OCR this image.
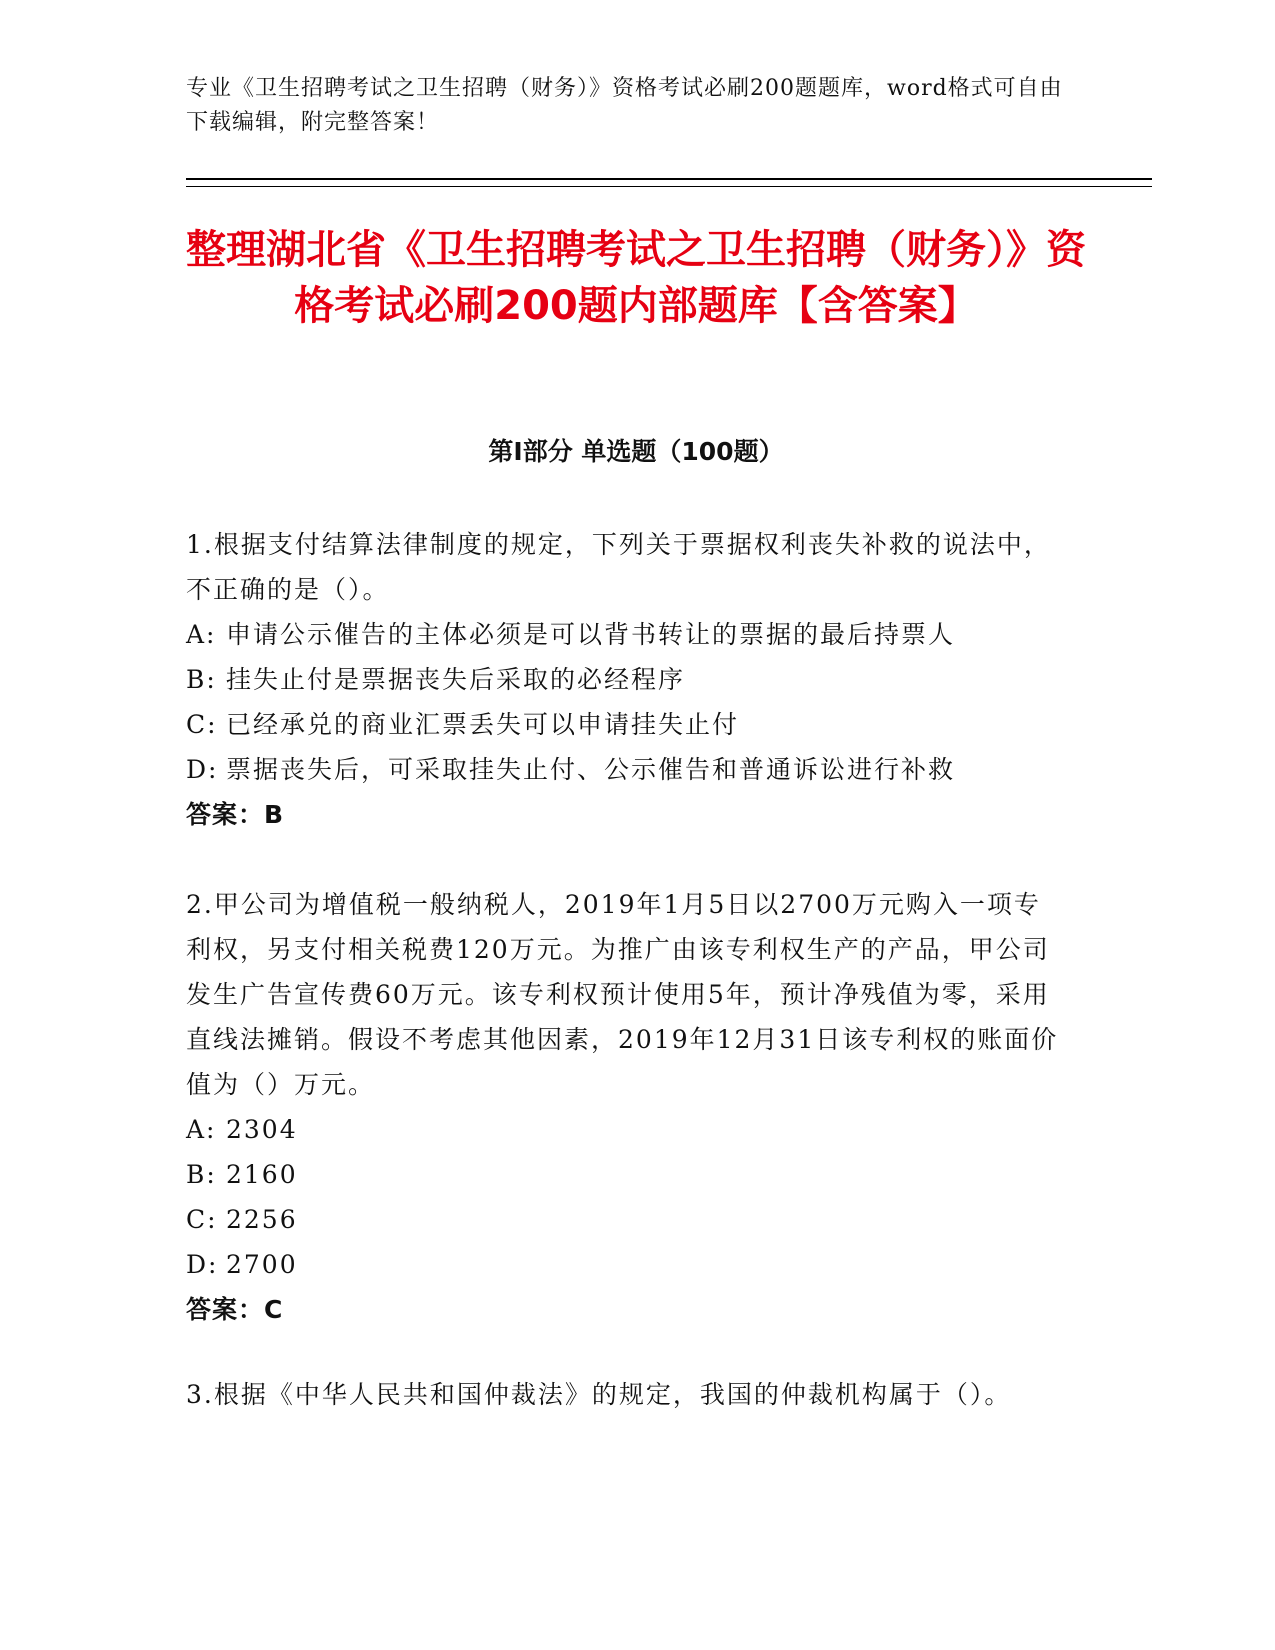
专业《卫生招聘考试之卫生招聘（财务）》资格考试必刷200题题库，word格式可自由下载编辑，附完整答案！
整理湖北省《卫生招聘考试之卫生招聘（财务）》资格考试必刷200题内部题库【含答案】
第I部分 单选题（100题）
1.根据支付结算法律制度的规定，下列关于票据权利丧失补救的说法中，不正确的是（）。
A: 申请公示催告的主体必须是可以背书转让的票据的最后持票人
B: 挂失止付是票据丧失后采取的必经程序
C: 已经承兑的商业汇票丢失可以申请挂失止付
D: 票据丧失后，可采取挂失止付、公示催告和普通诉讼进行补救
答案：B
2.甲公司为增值税一般纳税人，2019年1月5日以2700万元购入一项专利权，另支付相关税费120万元。为推广由该专利权生产的产品，甲公司发生广告宣传费60万元。该专利权预计使用5年，预计净残值为零，采用直线法摊销。假设不考虑其他因素，2019年12月31日该专利权的账面价值为（）万元。
A: 2304
B: 2160
C: 2256
D: 2700
答案：C
3.根据《中华人民共和国仲裁法》的规定，我国的仲裁机构属于（）。
